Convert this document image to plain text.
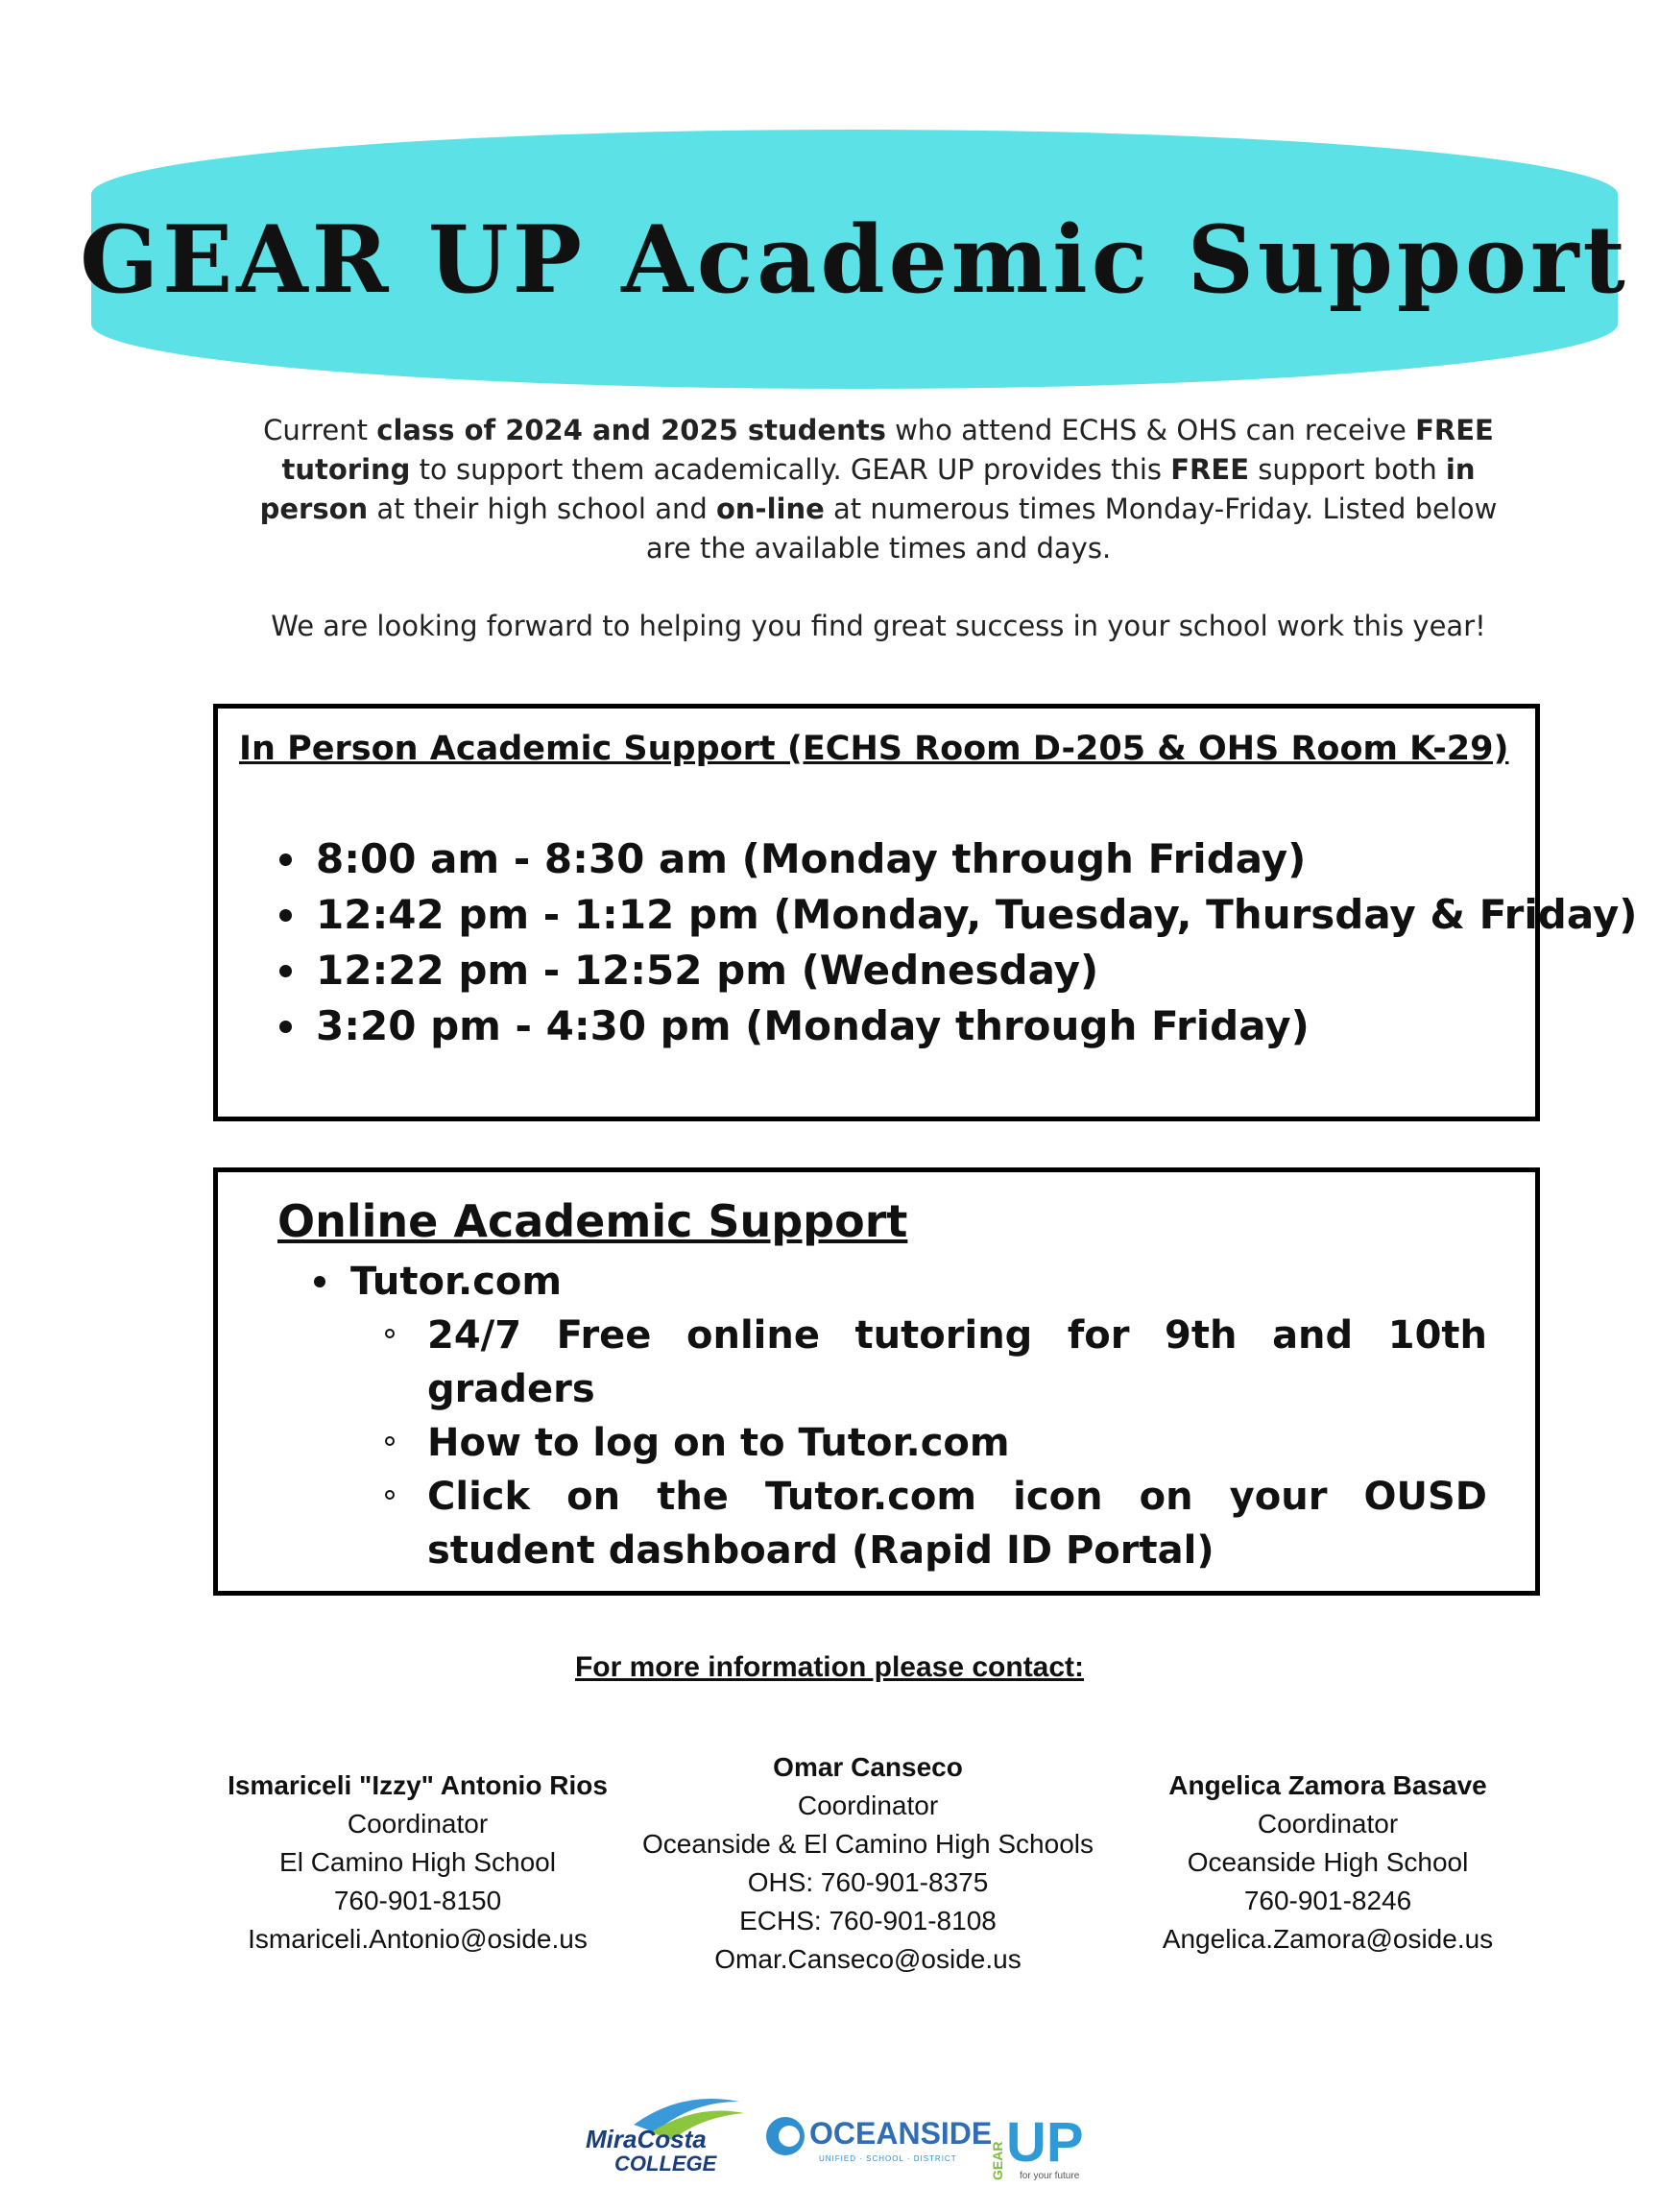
GEAR UP Academic Support

Current class of 2024 and 2025 students who attend ECHS & OHS can receive FREE tutoring to support them academically. GEAR UP provides this FREE support both in person at their high school and on-line at numerous times Monday-Friday. Listed below are the available times and days.

We are looking forward to helping you find great success in your school work this year!

In Person Academic Support (ECHS Room D-205 & OHS Room K-29)
8:00 am - 8:30 am (Monday through Friday)
12:42 pm - 1:12 pm (Monday, Tuesday, Thursday & Friday)
12:22 pm - 12:52 pm (Wednesday)
3:20 pm - 4:30 pm (Monday through Friday)
Online Academic Support
Tutor.com
24/7 Free online tutoring for 9th and 10th graders
How to log on to Tutor.com
Click on the Tutor.com icon on your OUSD student dashboard (Rapid ID Portal)
For more information please contact:
Ismariceli "Izzy" Antonio Rios
Coordinator
El Camino High School
760-901-8150
Ismariceli.Antonio@oside.us
Omar Canseco
Coordinator
Oceanside & El Camino High Schools
OHS: 760-901-8375
ECHS: 760-901-8108
Omar.Canseco@oside.us
Angelica Zamora Basave
Coordinator
Oceanside High School
760-901-8246
Angelica.Zamora@oside.us
MiraCosta
COLLEGE
OCEANSIDE
UNIFIED · SCHOOL · DISTRICT GEAR UP
for your future
